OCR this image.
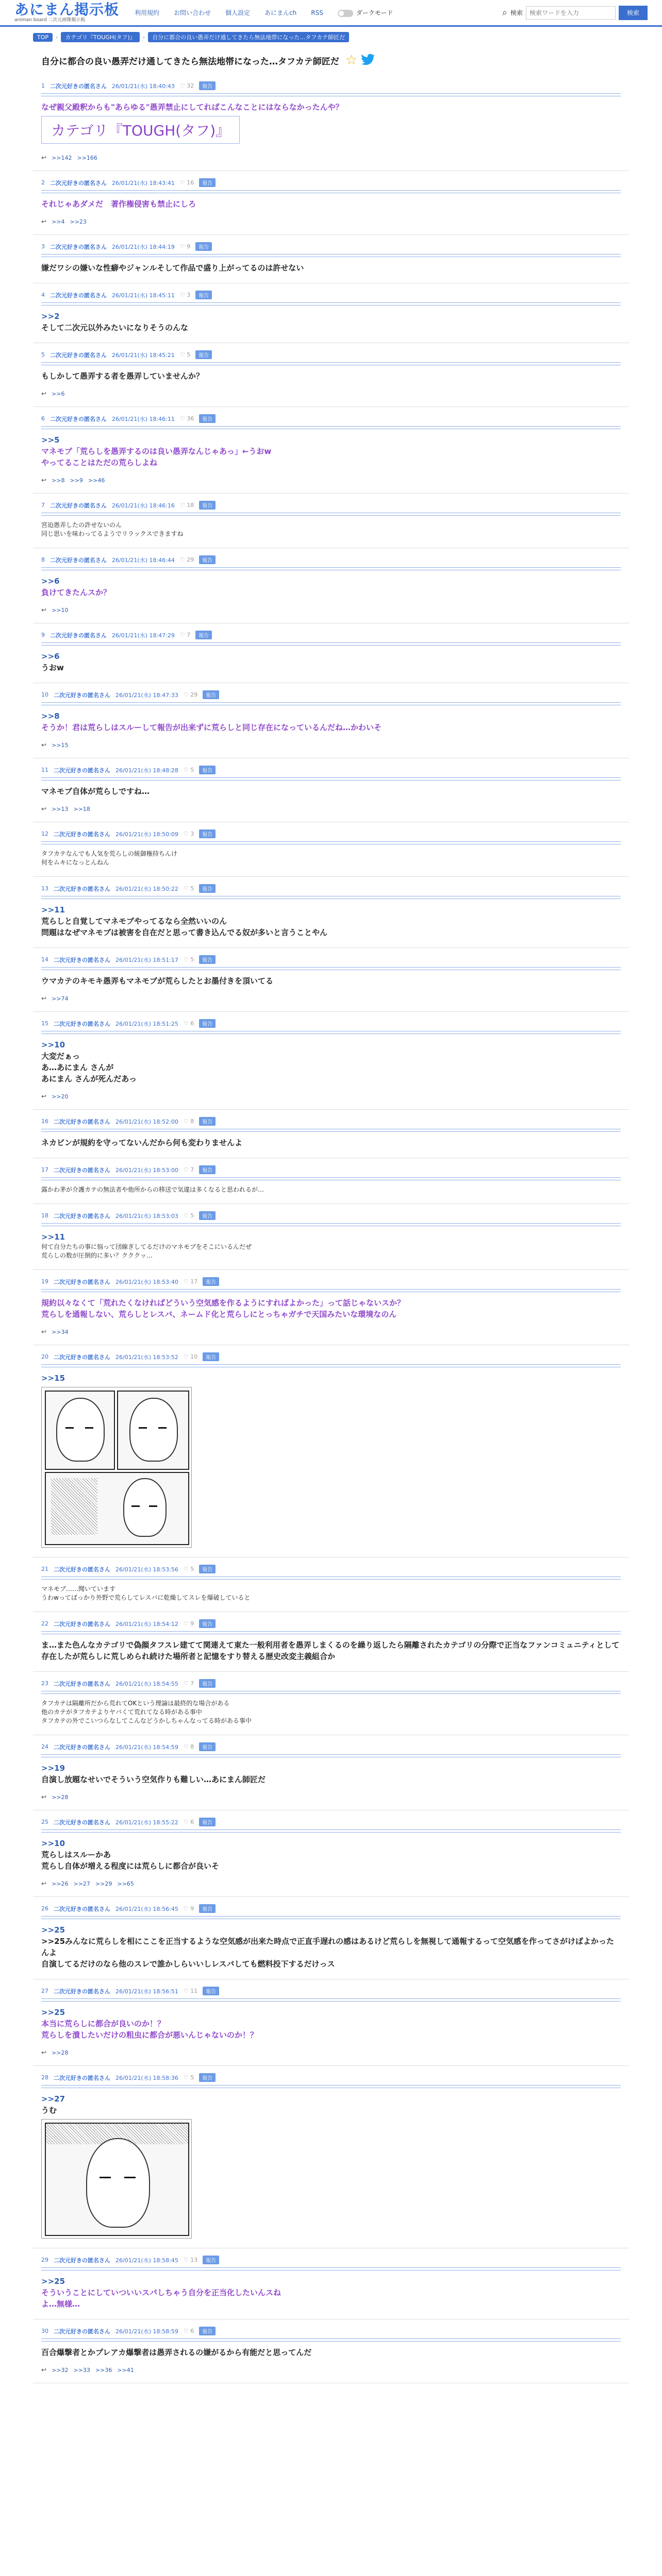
あにまん掲示板
animan board 二次元画像掲示板
利用規約 お問い合わせ 個人設定 あにまんch RSS	ダークモード	⌕ 検索
検索ワードを入力	検索
TOP	›	カテゴリ『TOUGH(タフ)』	›	自分に都合の良い愚弄だけ通してきたら無法地帯になった…タフカテ師匠だ
自分に都合の良い愚弄だけ通してきたら無法地帯になった…タフカテ師匠だ ☆
1 二次元好きの匿名さん 26/01/21(水) 18:40:43 ♡ 32	報告
なぜ親父殿釈からも"あらゆる"愚弄禁止にしてればこんなことにはならなかったんや？
カテゴリ『TOUGH(タフ)』
↩ >>142 >>166
2 二次元好きの匿名さん 26/01/21(水) 18:43:41 ♡ 16	報告
それじゃあダメだ　著作権侵害も禁止にしろ
↩ >>4 >>23
3 二次元好きの匿名さん 26/01/21(水) 18:44:19 ♡ 9	報告
嫌だワシの嫌いな性癖やジャンルそして作品で盛り上がってるのは許せない
4 二次元好きの匿名さん 26/01/21(水) 18:45:11 ♡ 3	報告
>>2
そして二次元以外みたいになりそうのんな
5 二次元好きの匿名さん 26/01/21(水) 18:45:21 ♡ 5	報告
もしかして愚弄する者を愚弄していませんか？
↩ >>6
6 二次元好きの匿名さん 26/01/21(水) 18:46:11 ♡ 36	報告
>>5
マネモブ「荒らしを愚弄するのは良い愚弄なんじゃあっ」←うおw
やってることはただの荒らしよね
↩ >>8 >>9 >>46
7 二次元好きの匿名さん 26/01/21(水) 18:46:16 ♡ 18	報告
宮迫愚弄したの許せないのん
同じ思いを味わってるようでリラックスできますね
8 二次元好きの匿名さん 26/01/21(水) 18:46:44 ♡ 29	報告
>>6
負けてきたんスか？
↩ >>10
9 二次元好きの匿名さん 26/01/21(水) 18:47:29 ♡ 7	報告
>>6
うおw
10 二次元好きの匿名さん 26/01/21(水) 18:47:33 ♡ 29	報告
>>8
そうか！君は荒らしはスルーして報告が出来ずに荒らしと同じ存在になっているんだね…かわいそ
↩ >>15
11 二次元好きの匿名さん 26/01/21(水) 18:48:28 ♡ 5	報告
マネモブ自体が荒らしですね…
↩ >>13 >>18
12 二次元好きの匿名さん 26/01/21(水) 18:50:09 ♡ 3	報告
タフカテなんでも人気を荒らしの統御権持ちんけ
何をムキになっとんねん
13 二次元好きの匿名さん 26/01/21(水) 18:50:22 ♡ 5	報告
>>11
荒らしと自覚してマネモブやってるなら全然いいのん
問題はなぜマネモブは被害を自在だと思って書き込んでる奴が多いと言うことやん
14 二次元好きの匿名さん 26/01/21(水) 18:51:17 ♡ 5	報告
ウマカテのキモキ愚弄もマネモブが荒らしたとお墨付きを頂いてる
↩ >>74
15 二次元好きの匿名さん 26/01/21(水) 18:51:25 ♡ 6	報告
>>10
大変だぁっ
あ…あにまん さんが
あにまん さんが死んだあっ
↩ >>20
16 二次元好きの匿名さん 26/01/21(水) 18:52:00 ♡ 8	報告
ネカビンが規約を守ってないんだから何も変わりませんよ
17 二次元好きの匿名さん 26/01/21(水) 18:53:00 ♡ 7	報告
露かわ茅が介護カテの無法者や他所からの移送で気違は多くなると思われるが…
18 二次元好きの匿名さん 26/01/21(水) 18:53:03 ♡ 5	報告
>>11
何て自分たちの事に悩って団線ぎしてるだけのマネモブをそこにいるんだぜ
荒らしの数が圧倒的に多い？クククッ…
19 二次元好きの匿名さん 26/01/21(水) 18:53:40 ♡ 17	報告
規約以々なくて「荒れたくなければどういう空気感を作るようにすればよかった」って話じゃないスか？
荒らしを通報しない、荒らしとレスバ、ネームド化と荒らしにとっちゃガチで天国みたいな環境なのん
↩ >>34
20 二次元好きの匿名さん 26/01/21(水) 18:53:52 ♡ 10	報告
>>15
21 二次元好きの匿名さん 26/01/21(水) 18:53:56 ♡ 5	報告
マネモブ……聞いています
うわwってばっかり外野で荒らしてレスバに乾燥してスレを爆破していると
22 二次元好きの匿名さん 26/01/21(水) 18:54:12 ♡ 9	報告
ま…また色んなカテゴリで偽顔タフスレ建てて関連えて東た一般利用者を愚弄しまくるのを繰り返したら隔離されたカテゴリの分際で正当なファンコミュニティとして存在したが荒らしに荒しめられ続けた場所者と記憶をすり替える歴史改変主義組合か
23 二次元好きの匿名さん 26/01/21(水) 18:54:55 ♡ 7	報告
タフカテは隔離所だから荒れてOKという理論は最終的な場合がある
他のカテがタフカテよりヤバくて荒れてなる時がある事中
タフカテの外でこいつらなしてこんなどうかしちゃんなってる時がある事中
24 二次元好きの匿名さん 26/01/21(水) 18:54:59 ♡ 8	報告
>>19
自演し放題なせいでそういう空気作りも難しい…あにまん師匠だ
↩ >>28
25 二次元好きの匿名さん 26/01/21(水) 18:55:22 ♡ 6	報告
>>10
荒らしはスルーかあ
荒らし自体が増える程度には荒らしに都合が良いそ
↩ >>26 >>27 >>29 >>65
26 二次元好きの匿名さん 26/01/21(水) 18:56:45 ♡ 9	報告
>>25
>>25みんなに荒らしを相にここを正当するような空気感が出来た時点で正直手遅れの感はあるけど荒らしを無視して通報するって空気感を作ってさがけばよかったんよ
自演してるだけのなら他のスレで誰かしらいいしレスバしても燃料投下するだけっス
27 二次元好きの匿名さん 26/01/21(水) 18:56:51 ♡ 11	報告
>>25
本当に荒らしに都合が良いのか！？
荒らしを潰したいだけの粗虫に都合が悪いんじゃないのか！？
↩ >>28
28 二次元好きの匿名さん 26/01/21(水) 18:58:36 ♡ 5	報告
>>27
うむ
29 二次元好きの匿名さん 26/01/21(水) 18:58:45 ♡ 13	報告
>>25
そういうことにしていついいスパしちゃう自分を正当化したいんスね
よ…無様…
30 二次元好きの匿名さん 26/01/21(水) 18:58:59 ♡ 6	報告
百合爆撃者とかプレアカ爆撃者は愚弄されるの嫌がるから有能だと思ってんだ
↩ >>32 >>33 >>36 >>41
